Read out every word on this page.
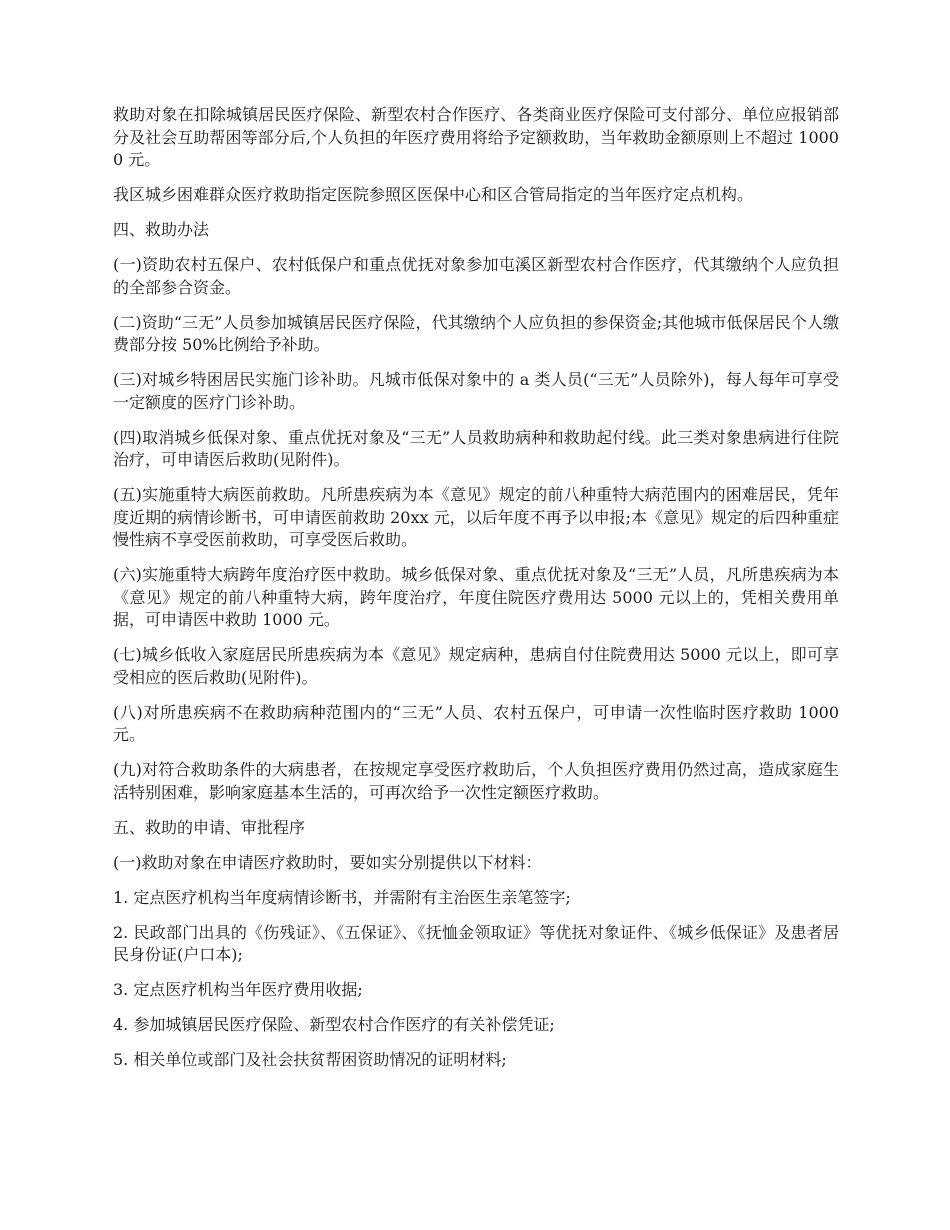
救助对象在扣除城镇居民医疗保险、新型农村合作医疗、各类商业医疗保险可支付部分、单位应报销部分及社会互助帮困等部分后,个人负担的年医疗费用将给予定额救助，当年救助金额原则上不超过 10000 元。

我区城乡困难群众医疗救助指定医院参照区医保中心和区合管局指定的当年医疗定点机构。

四、救助办法

(一)资助农村五保户、农村低保户和重点优抚对象参加屯溪区新型农村合作医疗，代其缴纳个人应负担的全部参合资金。

(二)资助“三无”人员参加城镇居民医疗保险，代其缴纳个人应负担的参保资金;其他城市低保居民个人缴费部分按 50%比例给予补助。

(三)对城乡特困居民实施门诊补助。凡城市低保对象中的 a 类人员(“三无”人员除外)，每人每年可享受一定额度的医疗门诊补助。

(四)取消城乡低保对象、重点优抚对象及“三无”人员救助病种和救助起付线。此三类对象患病进行住院治疗，可申请医后救助(见附件)。

(五)实施重特大病医前救助。凡所患疾病为本《意见》规定的前八种重特大病范围内的困难居民，凭年度近期的病情诊断书，可申请医前救助 20xx 元，以后年度不再予以申报;本《意见》规定的后四种重症慢性病不享受医前救助，可享受医后救助。

(六)实施重特大病跨年度治疗医中救助。城乡低保对象、重点优抚对象及“三无”人员，凡所患疾病为本《意见》规定的前八种重特大病，跨年度治疗，年度住院医疗费用达 5000 元以上的，凭相关费用单据，可申请医中救助 1000 元。

(七)城乡低收入家庭居民所患疾病为本《意见》规定病种，患病自付住院费用达 5000 元以上，即可享受相应的医后救助(见附件)。

(八)对所患疾病不在救助病种范围内的“三无”人员、农村五保户，可申请一次性临时医疗救助 1000 元。

(九)对符合救助条件的大病患者，在按规定享受医疗救助后，个人负担医疗费用仍然过高，造成家庭生活特别困难，影响家庭基本生活的，可再次给予一次性定额医疗救助。

五、救助的申请、审批程序

(一)救助对象在申请医疗救助时，要如实分别提供以下材料：

1. 定点医疗机构当年度病情诊断书，并需附有主治医生亲笔签字;

2. 民政部门出具的《伤残证》、《五保证》、《抚恤金领取证》等优抚对象证件、《城乡低保证》及患者居民身份证(户口本);

3. 定点医疗机构当年医疗费用收据;

4. 参加城镇居民医疗保险、新型农村合作医疗的有关补偿凭证;

5. 相关单位或部门及社会扶贫帮困资助情况的证明材料;
